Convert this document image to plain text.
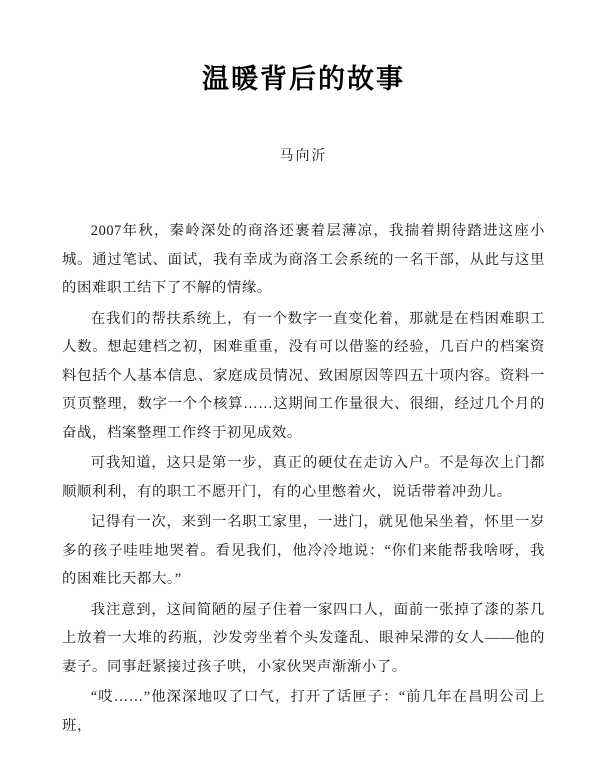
温暖背后的故事
马向沂

2007年秋，秦岭深处的商洛还裹着层薄凉，我揣着期待踏进这座小城。通过笔试、面试，我有幸成为商洛工会系统的一名干部，从此与这里的困难职工结下了不解的情缘。

在我们的帮扶系统上，有一个数字一直变化着，那就是在档困难职工人数。想起建档之初，困难重重，没有可以借鉴的经验，几百户的档案资料包括个人基本信息、家庭成员情况、致困原因等四五十项内容。资料一页页整理，数字一个个核算……这期间工作量很大、很细，经过几个月的奋战，档案整理工作终于初见成效。

可我知道，这只是第一步，真正的硬仗在走访入户。不是每次上门都顺顺利利，有的职工不愿开门，有的心里憋着火，说话带着冲劲儿。

记得有一次，来到一名职工家里，一进门，就见他呆坐着，怀里一岁多的孩子哇哇地哭着。看见我们，他冷冷地说：“你们来能帮我啥呀，我的困难比天都大。”

我注意到，这间简陋的屋子住着一家四口人，面前一张掉了漆的茶几上放着一大堆的药瓶，沙发旁坐着个头发蓬乱、眼神呆滞的女人——他的妻子。同事赶紧接过孩子哄，小家伙哭声渐渐小了。

“哎……”他深深地叹了口气，打开了话匣子：“前几年在昌明公司上班，
